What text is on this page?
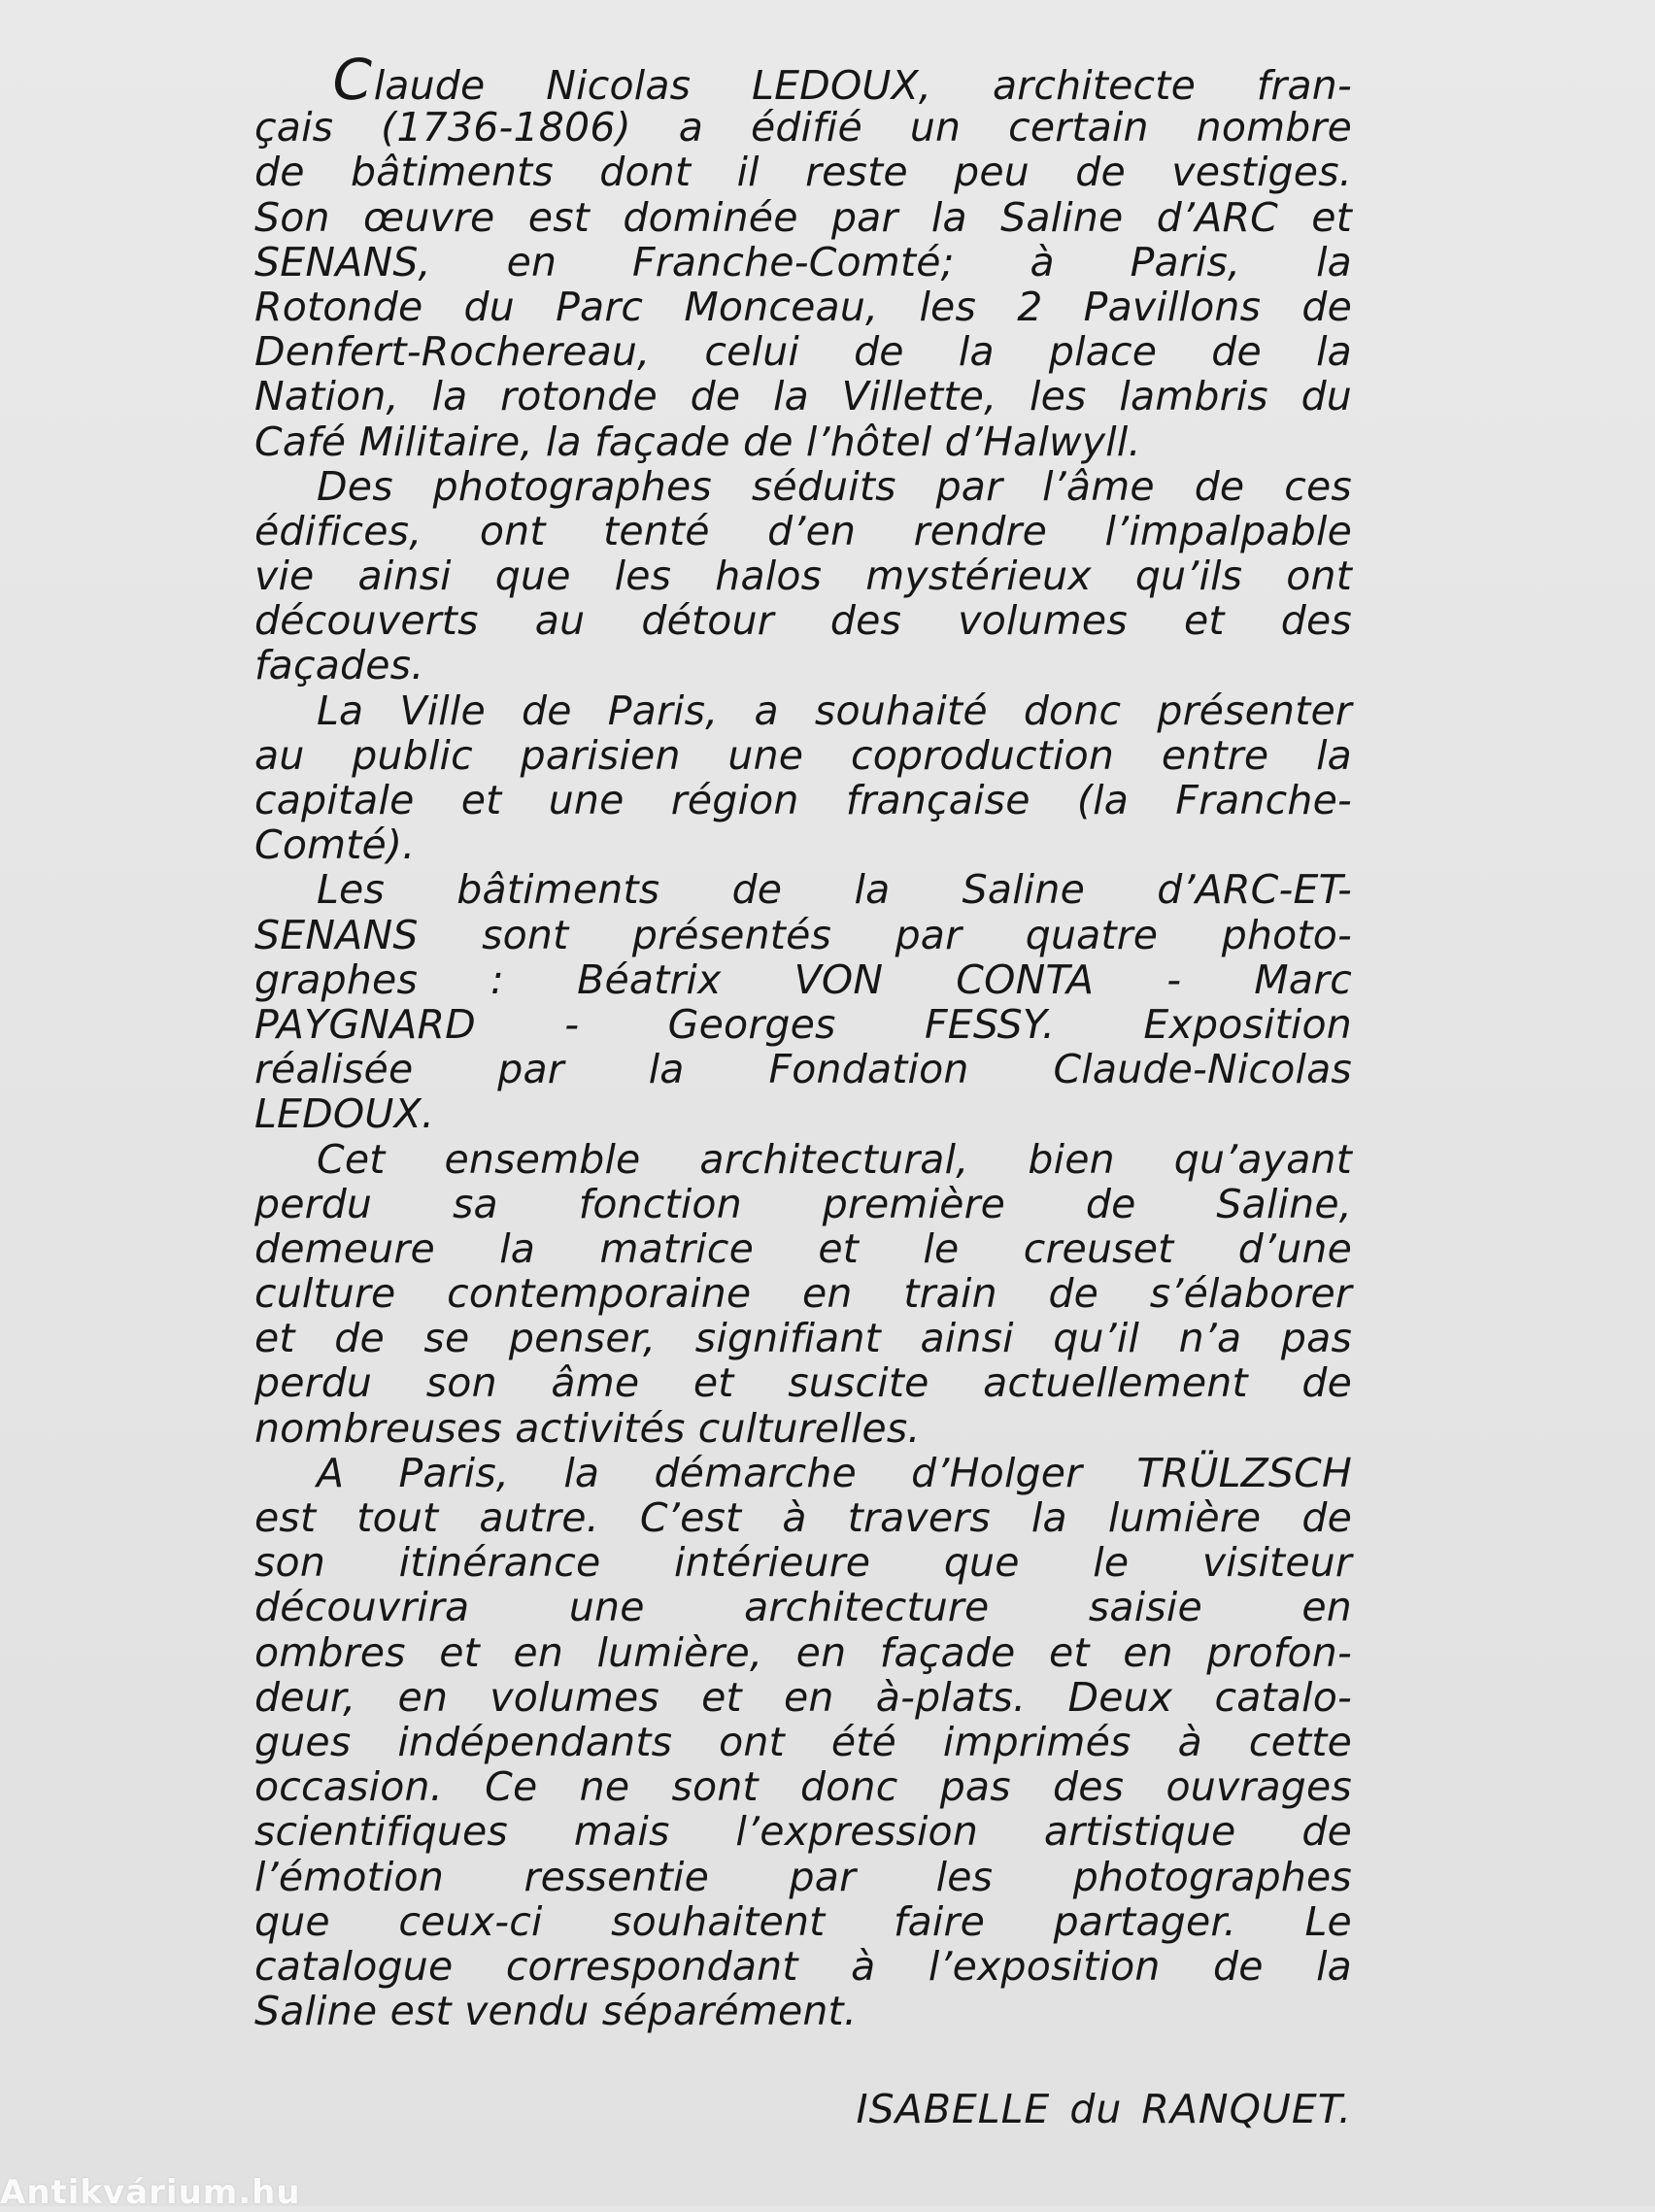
Claude Nicolas LEDOUX, architecte fran-
çais (1736-1806) a édifié un certain nombre
de bâtiments dont il reste peu de vestiges.
Son œuvre est dominée par la Saline d’ARC et
SENANS, en Franche-Comté; à Paris, la
Rotonde du Parc Monceau, les 2 Pavillons de
Denfert-Rochereau, celui de la place de la
Nation, la rotonde de la Villette, les lambris du
Café Militaire, la façade de l’hôtel d’Halwyll.
Des photographes séduits par l’âme de ces
édifices, ont tenté d’en rendre l’impalpable
vie ainsi que les halos mystérieux qu’ils ont
découverts au détour des volumes et des
façades.
La Ville de Paris, a souhaité donc présenter
au public parisien une coproduction entre la
capitale et une région française (la Franche-
Comté).
Les bâtiments de la Saline d’ARC-ET-
SENANS sont présentés par quatre photo-
graphes : Béatrix VON CONTA - Marc
PAYGNARD - Georges FESSY. Exposition
réalisée par la Fondation Claude-Nicolas
LEDOUX.
Cet ensemble architectural, bien qu’ayant
perdu sa fonction première de Saline,
demeure la matrice et le creuset d’une
culture contemporaine en train de s’élaborer
et de se penser, signifiant ainsi qu’il n’a pas
perdu son âme et suscite actuellement de
nombreuses activités culturelles.
A Paris, la démarche d’Holger TRÜLZSCH
est tout autre. C’est à travers la lumière de
son itinérance intérieure que le visiteur
découvrira une architecture saisie en
ombres et en lumière, en façade et en profon-
deur, en volumes et en à-plats. Deux catalo-
gues indépendants ont été imprimés à cette
occasion. Ce ne sont donc pas des ouvrages
scientifiques mais l’expression artistique de
l’émotion ressentie par les photographes
que ceux-ci souhaitent faire partager. Le
catalogue correspondant à l’exposition de la
Saline est vendu séparément.
ISABELLE du RANQUET.
Antikvárium.hu
